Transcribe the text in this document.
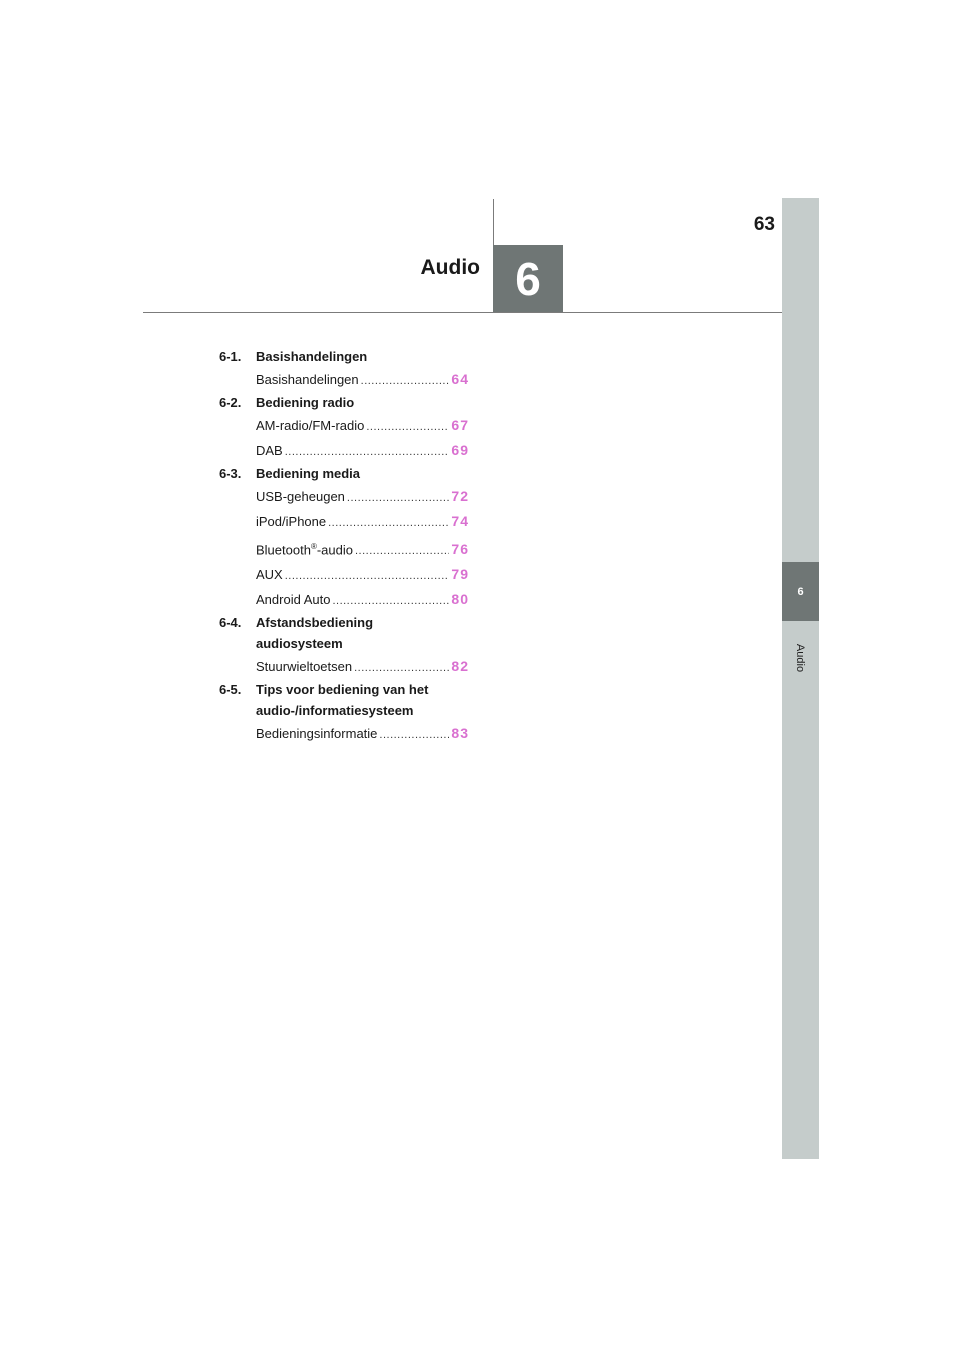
63
Audio 6
6
Audio
6-1.	Basishandelingen
Basishandelingen .....	64
6-2.	Bediening radio
AM-radio/FM-radio .....	67
DAB .....	69
6-3.	Bediening media
USB-geheugen .....	72
iPod/iPhone .....	74
Bluetooth®-audio .....	76
AUX .....	79
Android Auto .....	80
6-4.	Afstandsbediening
audiosysteem
Stuurwieltoetsen .....	82
6-5.	Tips voor bediening van het
audio-/informatiesysteem
Bedieningsinformatie .....	83
